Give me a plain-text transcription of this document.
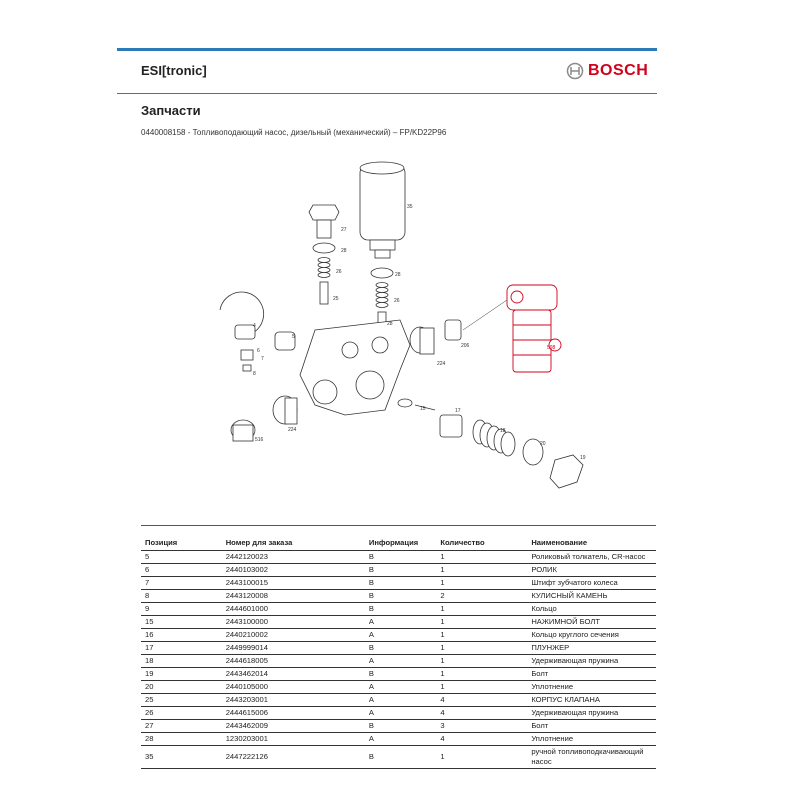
ESI[tronic]	BOSCH
Запчасти
0440008158 - Топливоподающий насос, дизельный (механический) – FP/KD22P96
35
27
28
26	28
25	26
28
4
5
6
7
8
206
224
15	17
18
20
19
224
516
598
Позиция	Номер для заказа	Информация	Количество	Наименование
5	2442120023	B	1	Роликовый толкатель, CR-насос
6	2440103002	B	1	РОЛИК
7	2443100015	B	1	Штифт зубчатого колеса
8	2443120008	B	2	КУЛИСНЫЙ КАМЕНЬ
9	2444601000	B	1	Кольцо
15	2443100000	A	1	НАЖИМНОЙ БОЛТ
16	2440210002	A	1	Кольцо круглого сечения
17	2449999014	B	1	ПЛУНЖЕР
18	2444618005	A	1	Удерживающая пружина
19	2443462014	B	1	Болт
20	2440105000	A	1	Уплотнение
25	2443203001	A	4	КОРПУС КЛАПАНА
26	2444615006	A	4	Удерживающая пружина
27	2443462009	B	3	Болт
28	1230203001	A	4	Уплотнение
35	2447222126	B	1	ручной топливоподкачивающий насос
